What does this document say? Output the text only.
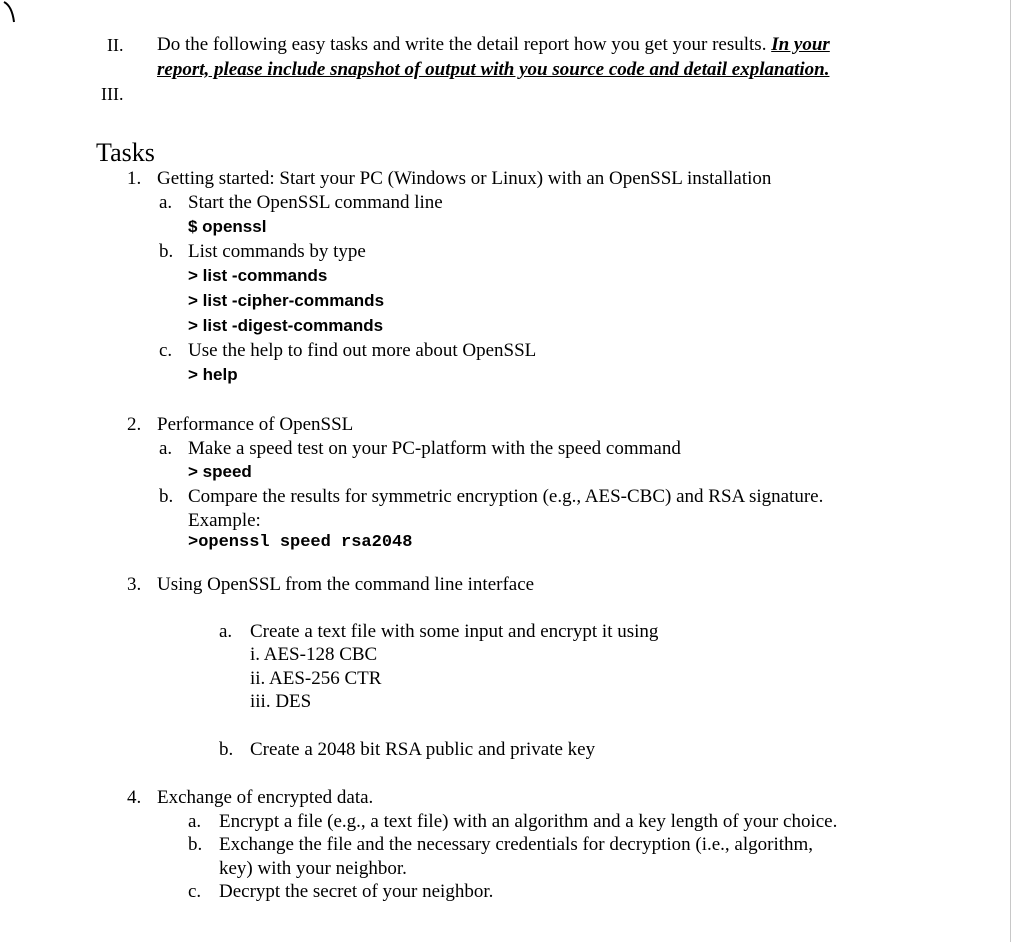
II. Do the following easy tasks and write the detail report how you get your results. In your
report, please include snapshot of output with you source code and detail explanation.
III.
Tasks
1. Getting started: Start your PC (Windows or Linux) with an OpenSSL installation
a. Start the OpenSSL command line
$ openssl
b. List commands by type
> list -commands
> list -cipher-commands
> list -digest-commands
c. Use the help to find out more about OpenSSL
> help
2. Performance of OpenSSL
a. Make a speed test on your PC-platform with the speed command
> speed
b. Compare the results for symmetric encryption (e.g., AES-CBC) and RSA signature.
Example:
>openssl speed rsa2048
3. Using OpenSSL from the command line interface
a. Create a text file with some input and encrypt it using
i. AES-128 CBC
ii. AES-256 CTR
iii. DES
b. Create a 2048 bit RSA public and private key
4. Exchange of encrypted data.
a. Encrypt a file (e.g., a text file) with an algorithm and a key length of your choice.
b. Exchange the file and the necessary credentials for decryption (i.e., algorithm,
key) with your neighbor.
c. Decrypt the secret of your neighbor.
